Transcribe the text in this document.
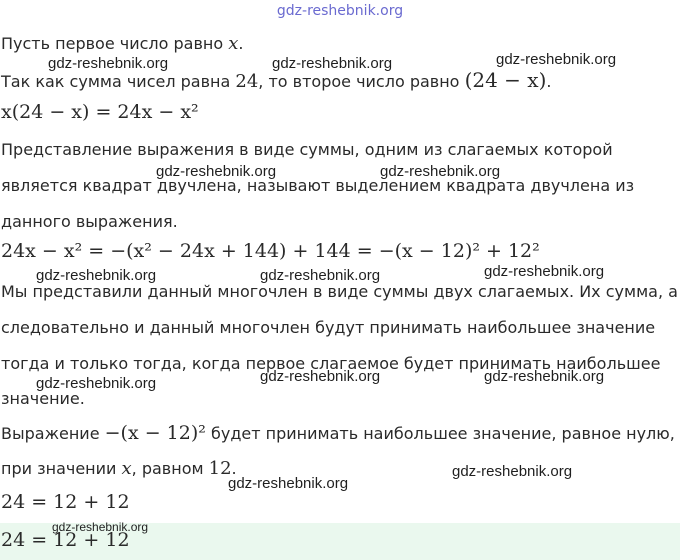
gdz-reshebnik.org
Пусть первое число равно x.
Так как сумма чисел равна 24, то второе число равно (24 − x).
x(24 − x) = 24x − x²
Представление выражения в виде суммы, одним из слагаемых которой
является квадрат двучлена, называют выделением квадрата двучлена из
данного выражения.
24x − x² = −(x² − 24x + 144) + 144 = −(x − 12)² + 12²
Мы представили данный многочлен в виде суммы двух слагаемых. Их сумма, а
следовательно и данный многочлен будут принимать наибольшее значение
тогда и только тогда, когда первое слагаемое будет принимать наибольшее
значение.
Выражение −(x − 12)² будет принимать наибольшее значение, равное нулю,
при значении x, равном 12.
24 = 12 + 12
24 = 12 + 12
gdz-reshebnik.org	gdz-reshebnik.org	gdz-reshebnik.org
gdz-reshebnik.org	gdz-reshebnik.org
gdz-reshebnik.org	gdz-reshebnik.org	gdz-reshebnik.org
gdz-reshebnik.org	gdz-reshebnik.org	gdz-reshebnik.org
gdz-reshebnik.org
gdz-reshebnik.org
gdz-reshebnik.org
